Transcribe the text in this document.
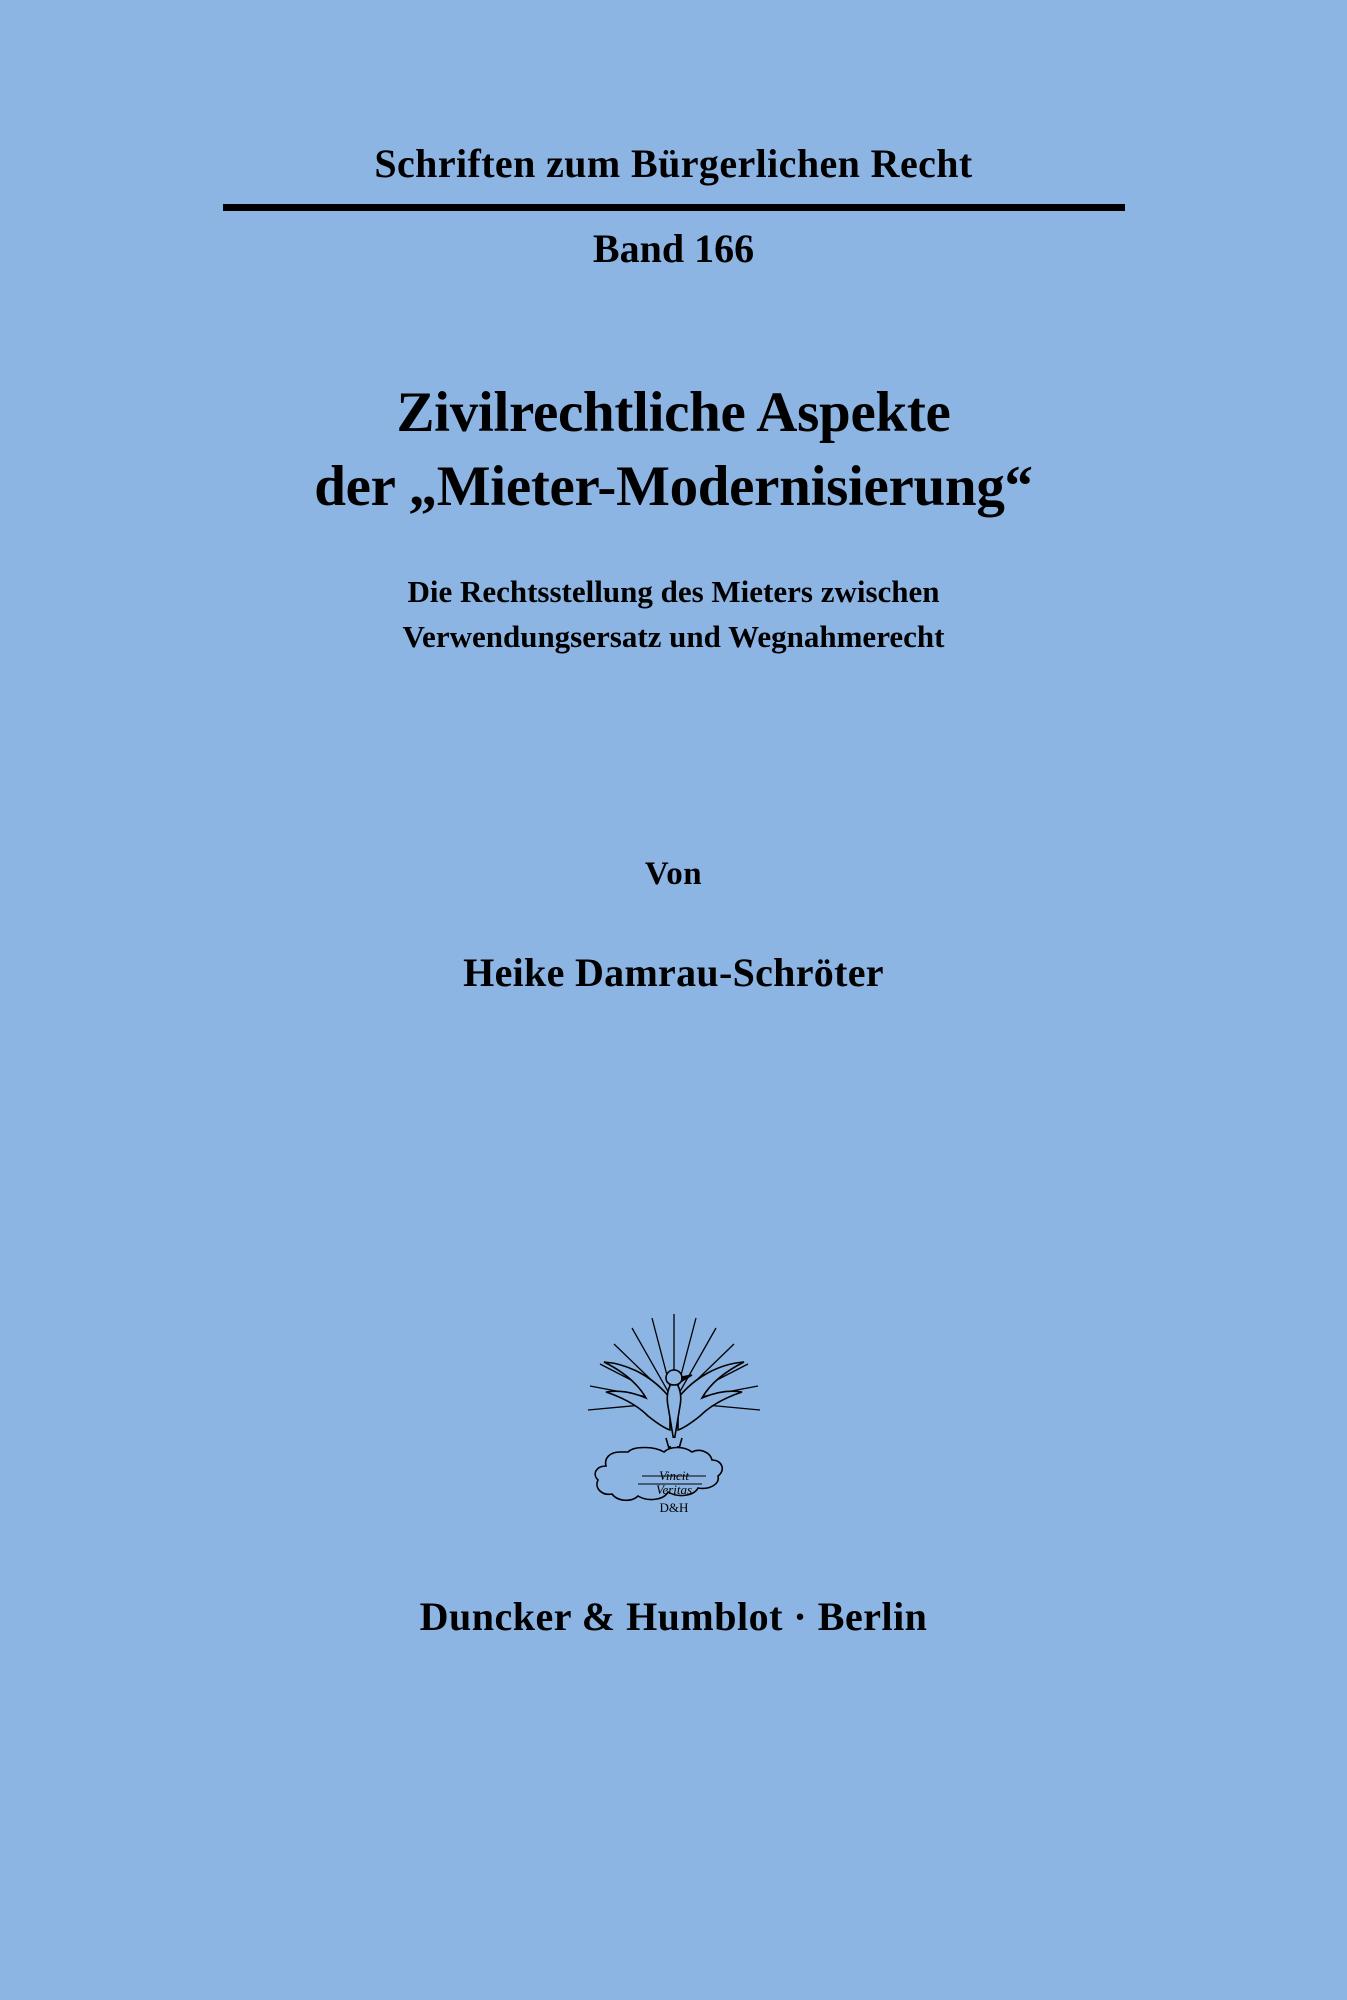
Schriften zum Bürgerlichen Recht
Band 166
Zivilrechtliche Aspekte
der „Mieter-Modernisierung“
Die Rechtsstellung des Mieters zwischen
Verwendungsersatz und Wegnahmerecht
Von
Heike Damrau-Schröter
Vincit
Veritas
D&H
Duncker & Humblot · Berlin
